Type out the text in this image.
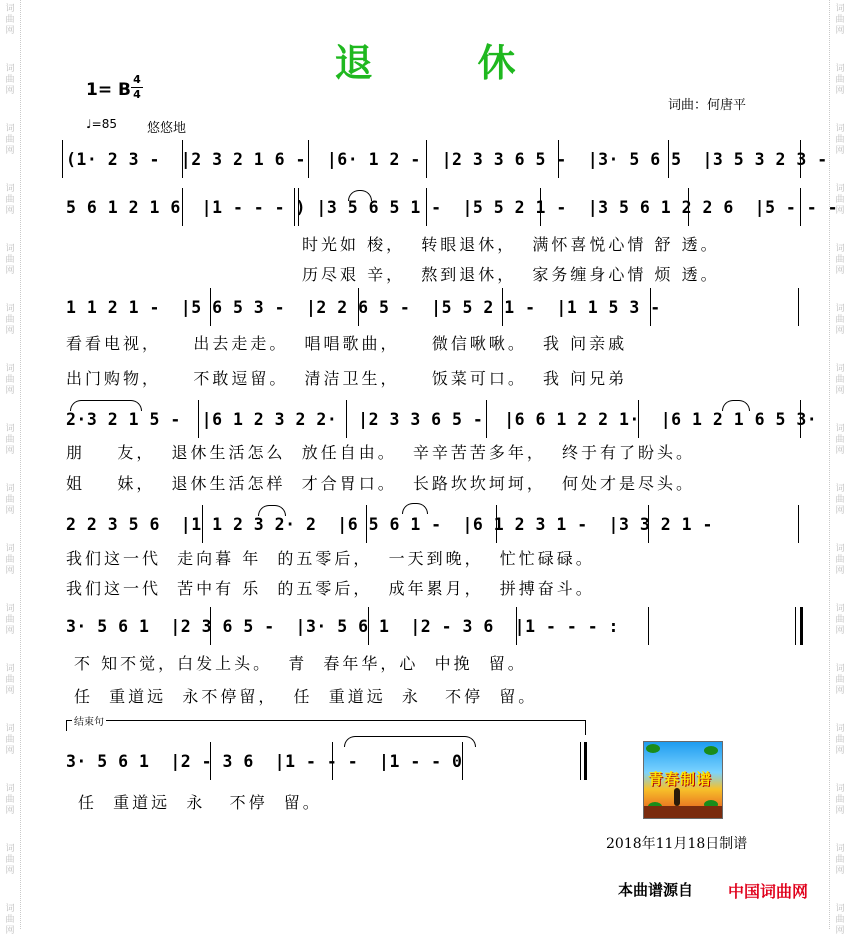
词
曲
网
词
曲
网
词
曲
网
词
曲
网
词
曲
网
词
曲
网
词
曲
网
词
曲
网
词
曲
网
词
曲
网
词
曲
网
词
曲
网
词
曲
网
词
曲
网
词
曲
网
词
曲
网
词
曲
网
词
曲
网
词
曲
网
词
曲
网
词
曲
网
词
曲
网
词
曲
网
词
曲
网
词
曲
网
词
曲
网
词
曲
网
词
曲
网
词
曲
网
词
曲
网
词
曲
网
词
曲
网
退休
1= B
4
4
♩=85 悠悠地
词曲：何唐平
(1· 2 3 -  |2 3 2 1 6 -  |6· 1 2 -  |2 3 3 6 5 -  |3· 5 6 5  |3 5 3 2 3 -
5 6 1 2 1 6  |1 - - - ) |3 5 6 5 1 -  |5 5 2 1 -  |3 5 6 1 2 2 6  |5 - - -
时光如 梭，  转眼退休，  满怀喜悦心情 舒 透。
历尽艰 辛，  熬到退休，  家务缠身心情 烦 透。
1 1 2 1 -  |5 6 5 3 -  |2 2 6 5 -  |5 5 2 1 -  |1 1 5 3 -
看看电视，    出去走走。  唱唱歌曲，    微信啾啾。  我 问亲戚
出门购物，    不敢逗留。  清洁卫生，    饭菜可口。  我 问兄弟
2·3 2 1 5 -  |6 1 2 3 2 2·  |2 3 3 6 5 -  |6 6 1 2 2 1·  |6 1 2 1 6 5 3·
朋    友，  退休生活怎么  放任自由。  辛辛苦苦多年，  终于有了盼头。
姐    妹，  退休生活怎样  才合胃口。  长路坎坎坷坷，  何处才是尽头。
2 2 3 5 6  |1 1 2 3 2· 2  |6 5 6 1 -  |6 1 2 3 1 -  |3 3 2 1 -
我们这一代  走向暮 年  的五零后，  一天到晚，  忙忙碌碌。
我们这一代  苦中有 乐  的五零后，  成年累月，  拼搏奋斗。
3· 5 6 1  |2 3 6 5 -  |3· 5 6 1  |2 - 3 6  |1 - - - :
不 知不觉，白发上头。  青  春年华，心  中挽  留。
任  重道远  永不停留，  任  重道远  永   不停  留。
结束句
3· 5 6 1  |2 - 3 6  |1 - - -  |1 - - 0
任  重道远  永   不停  留。
青春制谱
2018年11月18日制谱
本曲谱源自 中国词曲网
